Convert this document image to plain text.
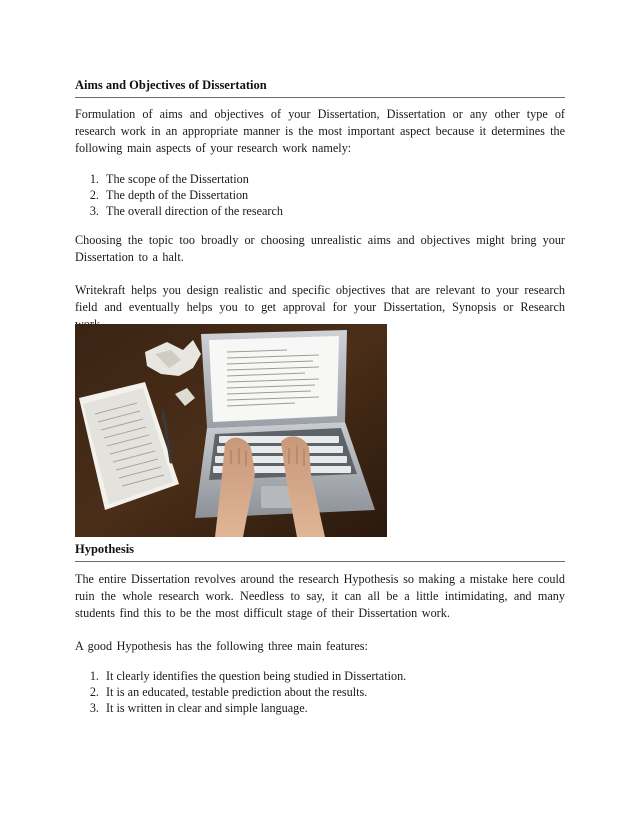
Aims and Objectives of Dissertation

Formulation of aims and objectives of your Dissertation, Dissertation or any other type of research work in an appropriate manner is the most important aspect because it determines the following main aspects of your research work namely:

1. The scope of the Dissertation
2. The depth of the Dissertation
3. The overall direction of the research

Choosing the topic too broadly or choosing unrealistic aims and objectives might bring your Dissertation to a halt.

Writekraft helps you design realistic and specific objectives that are relevant to your research field and eventually helps you to get approval for your Dissertation, Synopsis or Research

Hypothesis

The entire Dissertation revolves around the research Hypothesis so making a mistake here could ruin the whole research work. Needless to say, it can all be a little intimidating, and many students find this to be the most difficult stage of their Dissertation work.

A good Hypothesis has the following three main features:

1. It clearly identifies the question being studied in Dissertation.
2. It is an educated, testable prediction about the results.
3. It is written in clear and simple language.
